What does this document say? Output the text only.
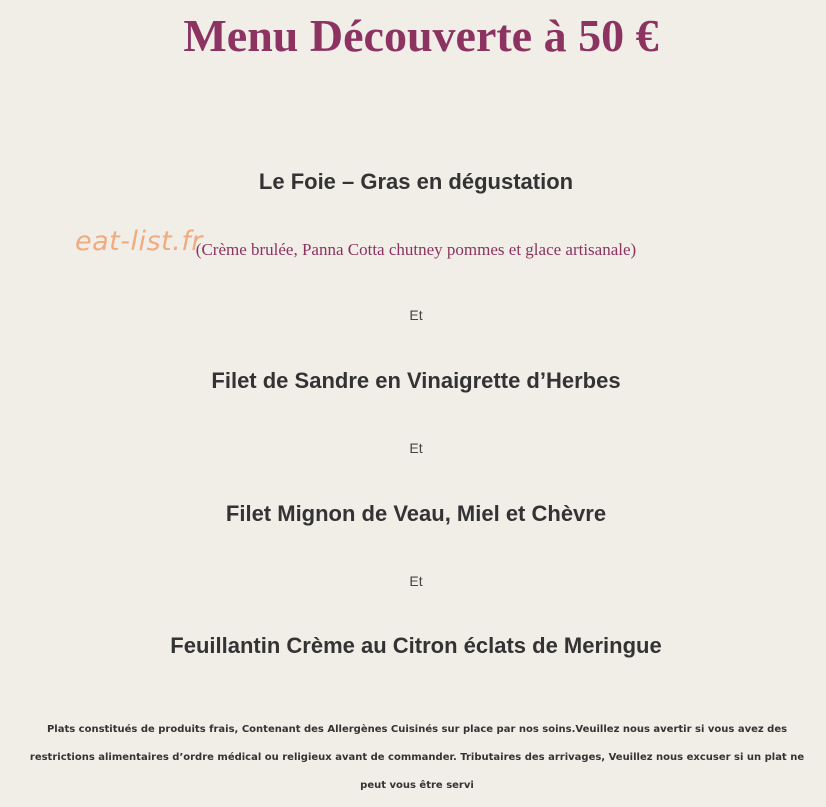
Menu Découverte à 50 €
Le Foie – Gras en dégustation
(Crème brulée, Panna Cotta chutney pommes et glace artisanale)
eat-list.fr
Et
Filet de Sandre en Vinaigrette d’Herbes
Et
Filet Mignon de Veau, Miel et Chèvre
Et
Feuillantin Crème au Citron éclats de Meringue

Plats constitués de produits frais, Contenant des Allergènes Cuisinés sur place par nos soins.Veuillez nous avertir si vous avez des restrictions alimentaires d’ordre médical ou religieux avant de commander. Tributaires des arrivages, Veuillez nous excuser si un plat ne peut vous être servi
